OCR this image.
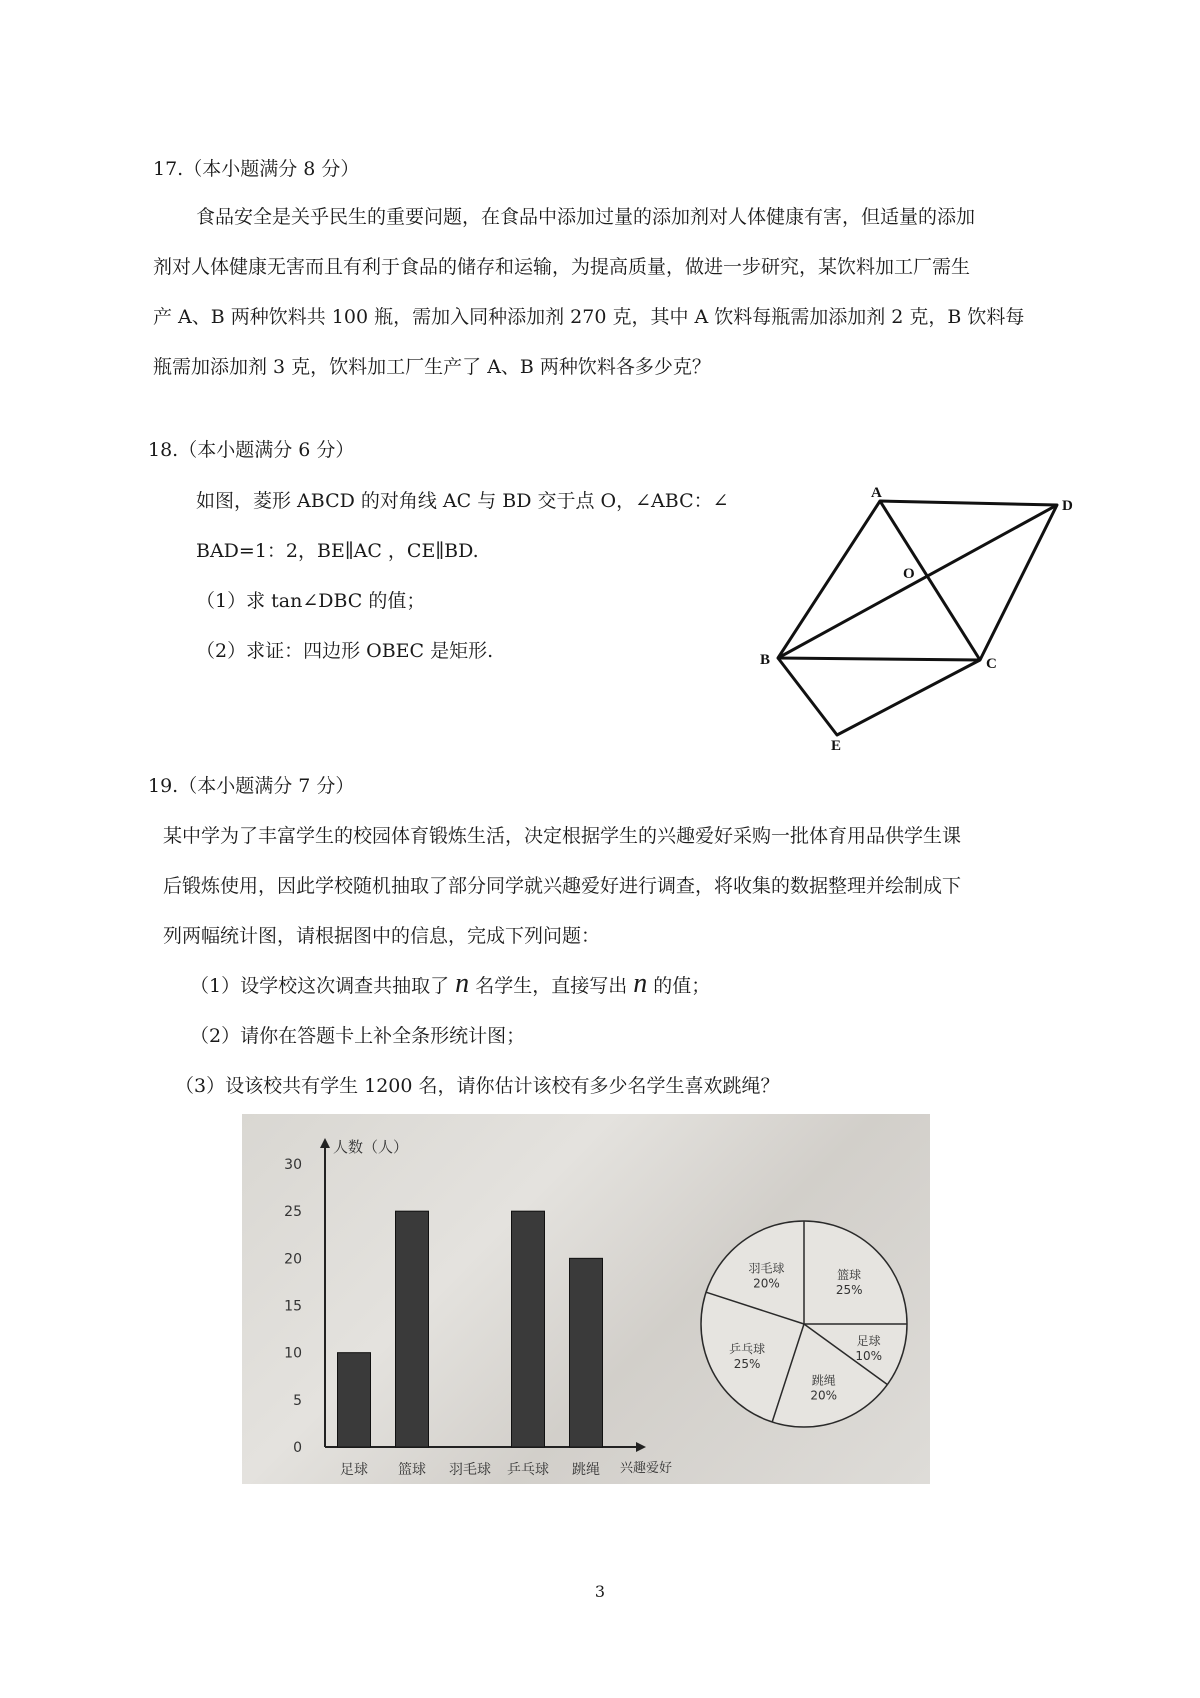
17.（本小题满分 8 分）
食品安全是关乎民生的重要问题，在食品中添加过量的添加剂对人体健康有害，但适量的添加
剂对人体健康无害而且有利于食品的储存和运输，为提高质量，做进一步研究，某饮料加工厂需生
产 A、B 两种饮料共 100 瓶，需加入同种添加剂 270 克，其中 A 饮料每瓶需加添加剂 2 克，B 饮料每
瓶需加添加剂 3 克，饮料加工厂生产了 A、B 两种饮料各多少克？
18.（本小题满分 6 分）
如图，菱形 ABCD 的对角线 AC 与 BD 交于点 O，∠ABC：∠
BAD=1：2，BE∥AC ，CE∥BD.
（1）求 tan∠DBC 的值；
（2）求证：四边形 OBEC 是矩形.
A
D
O
B	C
E
19.（本小题满分 7 分）
某中学为了丰富学生的校园体育锻炼生活，决定根据学生的兴趣爱好采购一批体育用品供学生课
后锻炼使用，因此学校随机抽取了部分同学就兴趣爱好进行调查，将收集的数据整理并绘制成下
列两幅统计图，请根据图中的信息，完成下列问题：
（1）设学校这次调查共抽取了 n 名学生，直接写出 n 的值；
（2）请你在答题卡上补全条形统计图；
（3）设该校共有学生 1200 名，请你估计该校有多少名学生喜欢跳绳？
人数（人）
兴趣爱好
0
5
10
15
20
25
30
足球 篮球 羽毛球 乒乓球 跳绳
篮球 25%
足球 10%
跳绳 20%
乒乓球 25%
羽毛球 20%
3
